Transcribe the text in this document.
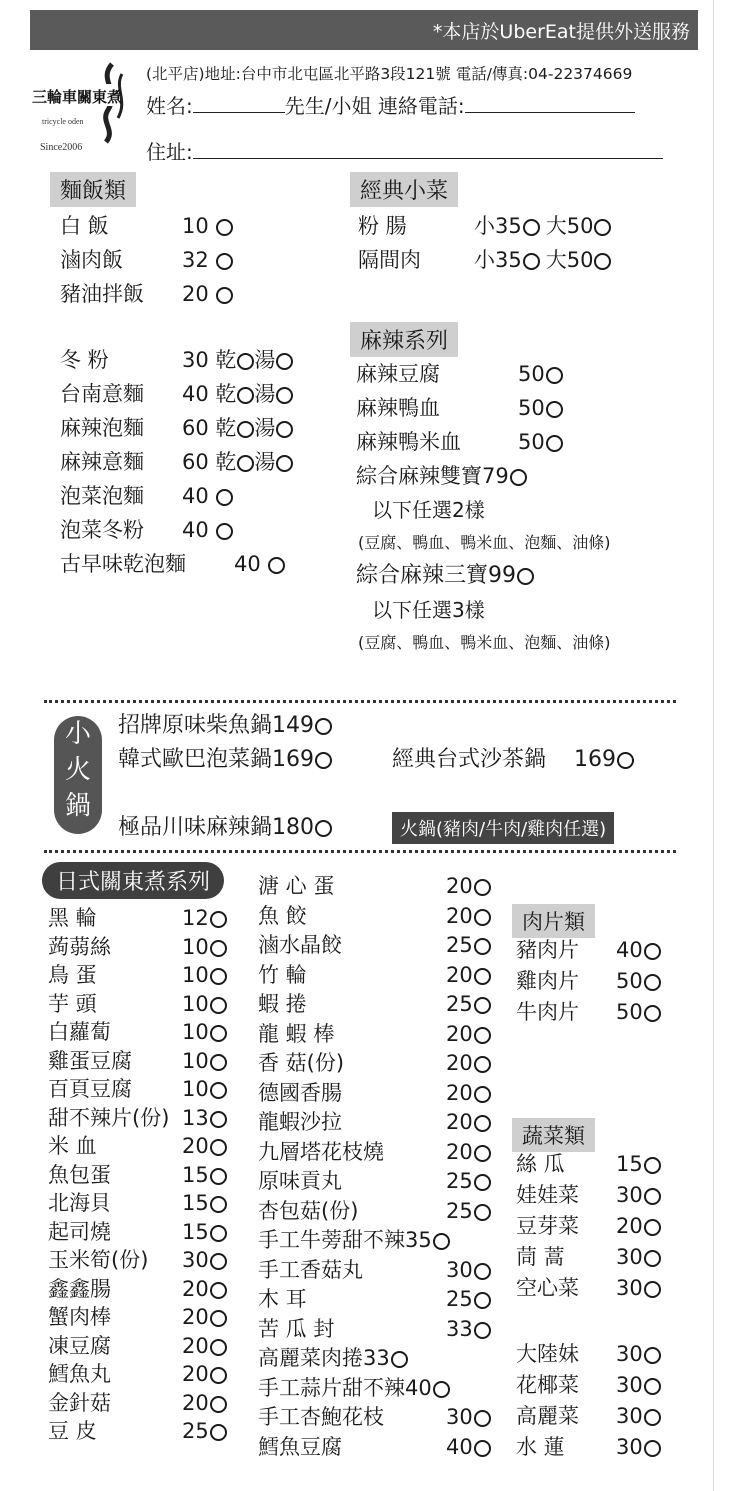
*本店於UberEat提供外送服務
三輪車關東煮
tricycle oden
Since2006
(北平店)地址:台中市北屯區北平路3段121號 電話/傳真:04-22374669
姓名:	先生/小姐 連絡電話:
住址:
麵飯類
白 飯	10
滷肉飯	32
豬油拌飯 20
冬 粉	30 乾 湯
台南意麵 40 乾 湯
麻辣泡麵 60 乾 湯
麻辣意麵 60 乾 湯
泡菜泡麵 40
泡菜冬粉 40
古早味乾泡麵 40
經典小菜
粉 腸	小35 大50
隔間肉	小35 大50
麻辣系列
麻辣豆腐	50
麻辣鴨血	50
麻辣鴨米血	50
綜合麻辣雙寶79
以下任選2樣
(豆腐、鴨血、鴨米血、泡麵、油條)
綜合麻辣三寶99
以下任選3樣
(豆腐、鴨血、鴨米血、泡麵、油條)
小
火
鍋
招牌原味柴魚鍋149
韓式歐巴泡菜鍋169	經典台式沙茶鍋 169
極品川味麻辣鍋180	火鍋(豬肉/牛肉/雞肉任選)
日式關東煮系列
黑 輪	12
蒟蒻絲	10
鳥 蛋	10
芋 頭	10
白蘿蔔	10
雞蛋豆腐 10
百頁豆腐 10
甜不辣片(份) 13
米 血	20
魚包蛋	15
北海貝	15
起司燒	15
玉米筍(份) 30
鑫鑫腸	20
蟹肉棒	20
凍豆腐	20
鱈魚丸	20
金針菇	20
豆 皮	25
溏 心 蛋	20
魚 餃	20
滷水晶餃	25
竹 輪	20
蝦 捲	25
龍 蝦 棒	20
香 菇(份)	20
德國香腸	20
龍蝦沙拉	20
九層塔花枝燒	20
原味貢丸	25
杏包菇(份)	25
手工牛蒡甜不辣35
手工香菇丸	30
木 耳	25
苦 瓜 封	33
高麗菜肉捲33
手工蒜片甜不辣40
手工杏鮑花枝	30
鱈魚豆腐	40
肉片類
豬肉片 40
雞肉片 50
牛肉片 50
蔬菜類
絲 瓜 15
娃娃菜 30
豆芽菜 20
茼 蒿 30
空心菜 30
大陸妹 30
花椰菜 30
高麗菜 30
水 蓮 30
